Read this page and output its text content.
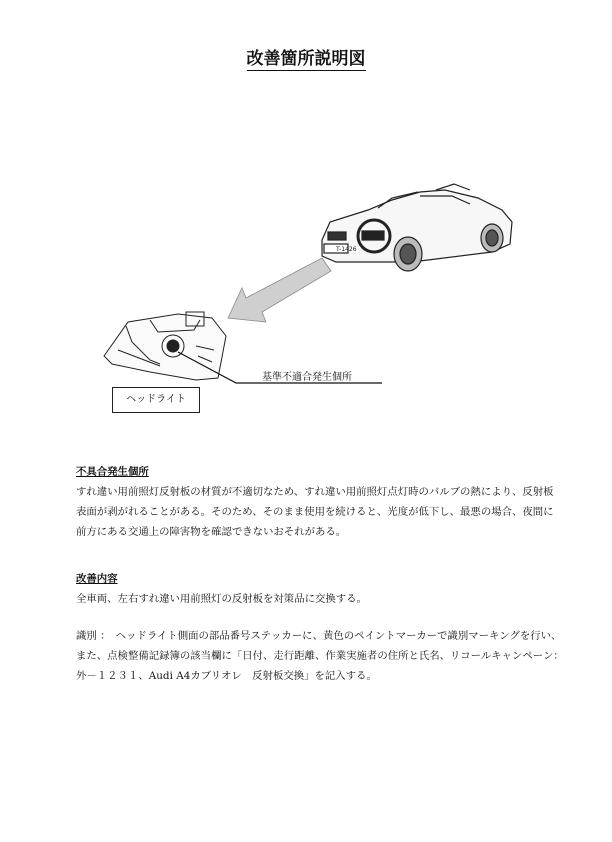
改善箇所説明図
T-1426
基準不適合発生個所
ヘッドライト
不具合発生個所
すれ違い用前照灯反射板の材質が不適切なため、すれ違い用前照灯点灯時のバルブの熱により、反射板
表面が剥がれることがある。そのため、そのまま使用を続けると、光度が低下し、最悪の場合、夜間に
前方にある交通上の障害物を確認できないおそれがある。
改善内容
全車両、左右すれ違い用前照灯の反射板を対策品に交換する。
識別 ：　ヘッドライト側面の部品番号ステッカーに、黄色のペイントマーカーで識別マーキングを行い、
また、点検整備記録簿の該当欄に「日付、走行距離、作業実施者の住所と氏名、リコールキャンペーン：
外－１２３１、Audi A4カブリオレ　反射板交換」を記入する。
